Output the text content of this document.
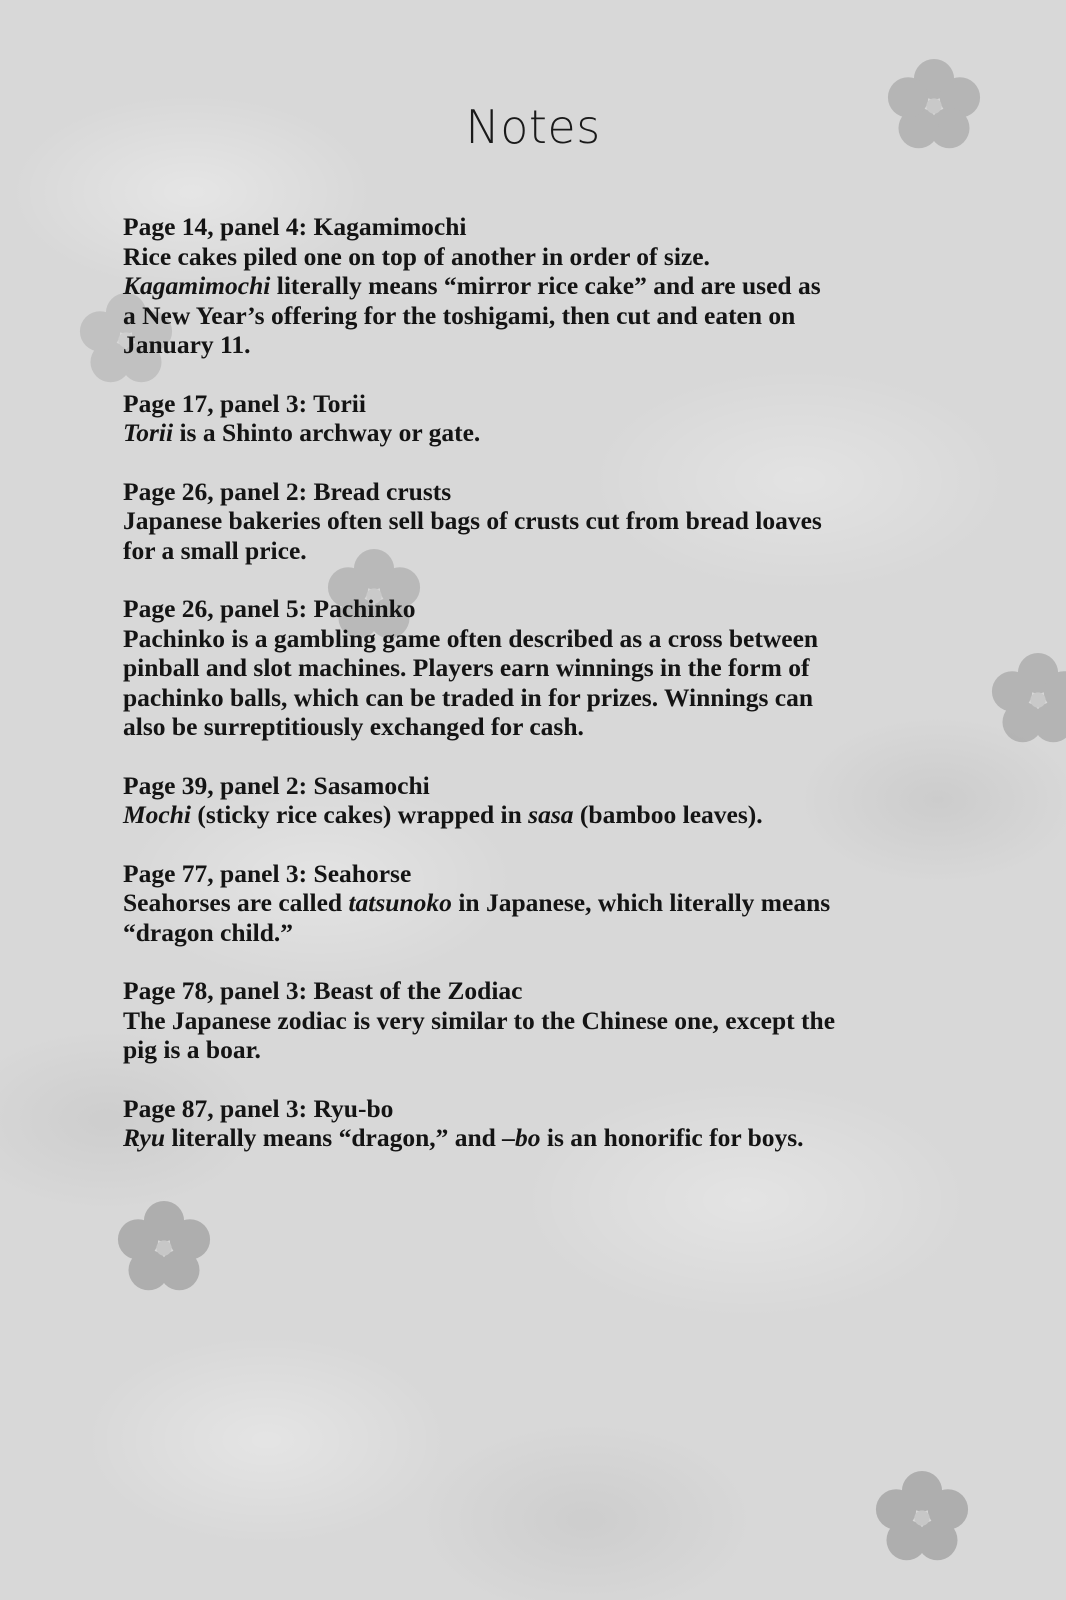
Notes

Page 14, panel 4: Kagamimochi

Rice cakes piled one on top of another in order of size.

Kagamimochi literally means “mirror rice cake” and are used as

a New Year’s offering for the toshigami, then cut and eaten on

January 11.

Page 17, panel 3: Torii

Torii is a Shinto archway or gate.

Page 26, panel 2: Bread crusts

Japanese bakeries often sell bags of crusts cut from bread loaves

for a small price.

Page 26, panel 5: Pachinko

Pachinko is a gambling game often described as a cross between

pinball and slot machines. Players earn winnings in the form of

pachinko balls, which can be traded in for prizes. Winnings can

also be surreptitiously exchanged for cash.

Page 39, panel 2: Sasamochi

Mochi (sticky rice cakes) wrapped in sasa (bamboo leaves).

Page 77, panel 3: Seahorse

Seahorses are called tatsunoko in Japanese, which literally means

“dragon child.”

Page 78, panel 3: Beast of the Zodiac

The Japanese zodiac is very similar to the Chinese one, except the

pig is a boar.

Page 87, panel 3: Ryu-bo

Ryu literally means “dragon,” and –bo is an honorific for boys.
